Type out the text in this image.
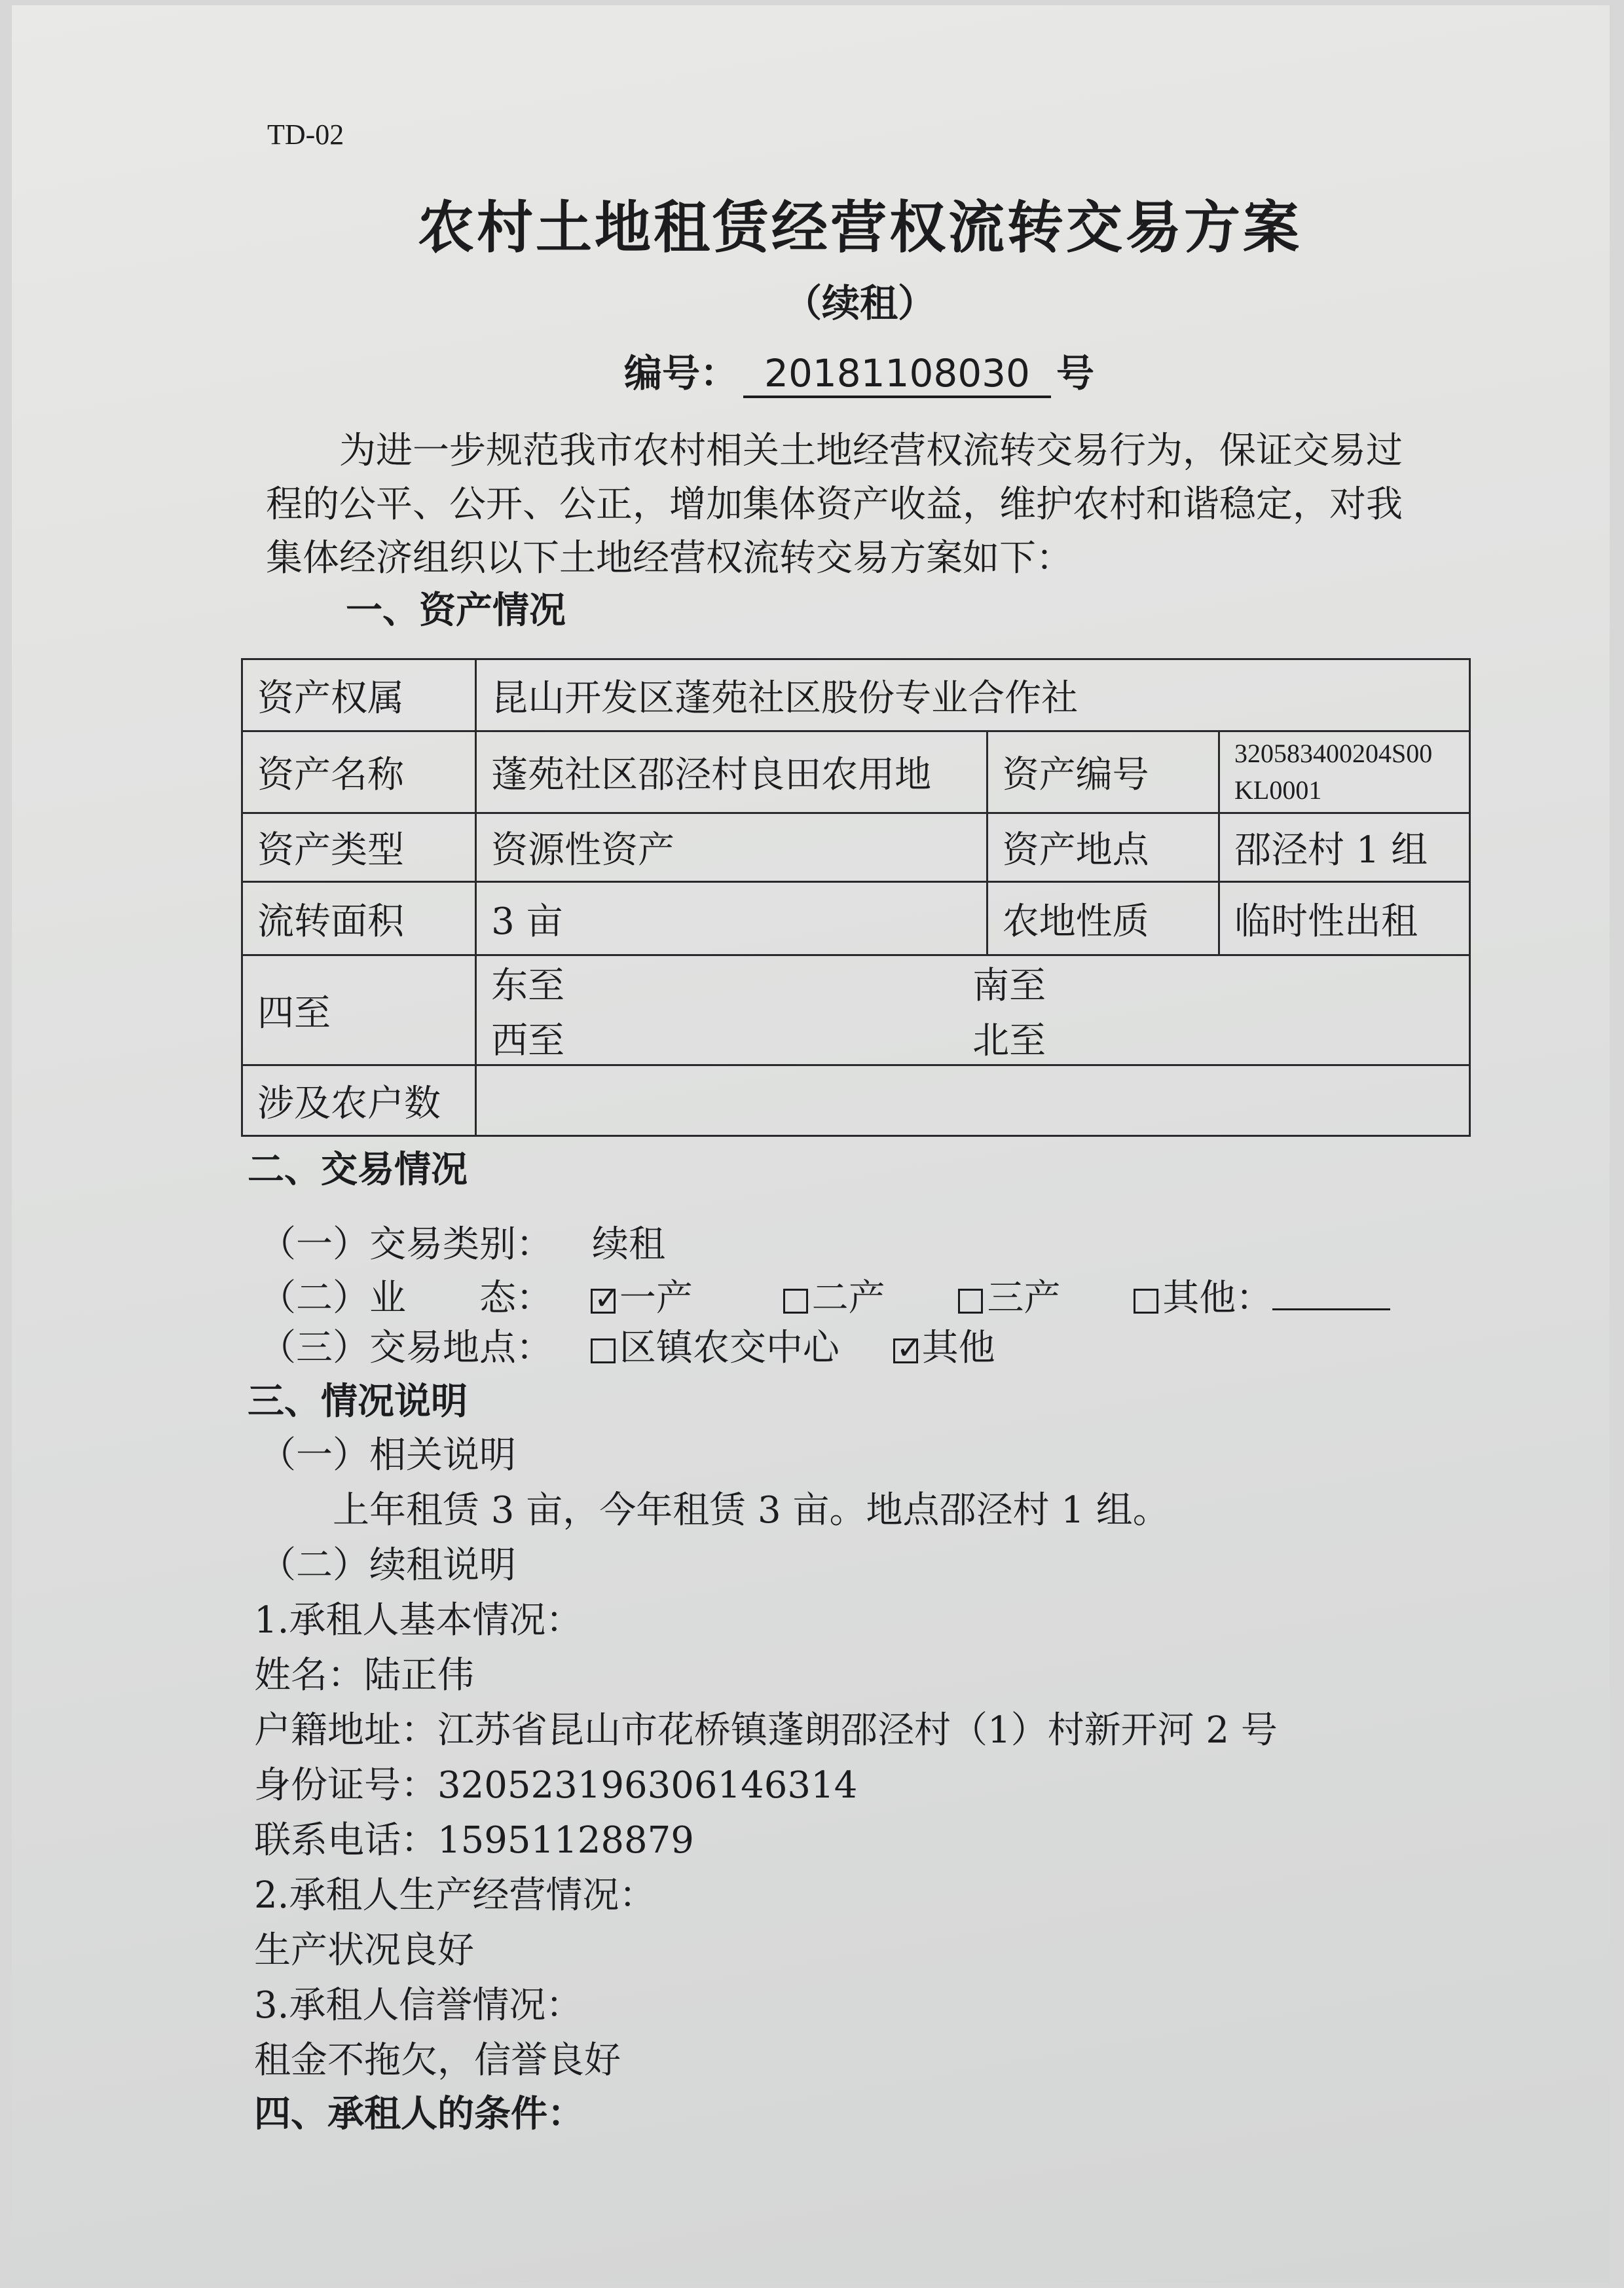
TD-02
农村土地租赁经营权流转交易方案
（续租）
编号： 20181108030 号

为进一步规范我市农村相关土地经营权流转交易行为，保证交易过

程的公平、公开、公正，增加集体资产收益，维护农村和谐稳定，对我

集体经济组织以下土地经营权流转交易方案如下：

一、资产情况
资产权属	昆山开发区蓬苑社区股份专业合作社		
资产名称	蓬苑社区邵泾村良田农用地	资产编号	320583400204S00
KL0001

资产类型	资源性资产	资产地点	邵泾村 1 组
流转面积	3 亩	农地性质	临时性出租
四至	东至 南至
西至 北至		

涉及农户数			
二、交易情况
（一）交易类别： 续租
（二）业　　态： ✓ 一产	二产	三产	其他：
（三）交易地点： 区镇农交中心 ✓ 其他
三、情况说明
（一）相关说明
上年租赁 3 亩，今年租赁 3 亩。地点邵泾村 1 组。
（二）续租说明
1.承租人基本情况：
姓名：陆正伟
户籍地址：江苏省昆山市花桥镇蓬朗邵泾村（1）村新开河 2 号
身份证号：320523196306146314
联系电话：15951128879
2.承租人生产经营情况：
生产状况良好
3.承租人信誉情况：
租金不拖欠，信誉良好
四、承租人的条件：
